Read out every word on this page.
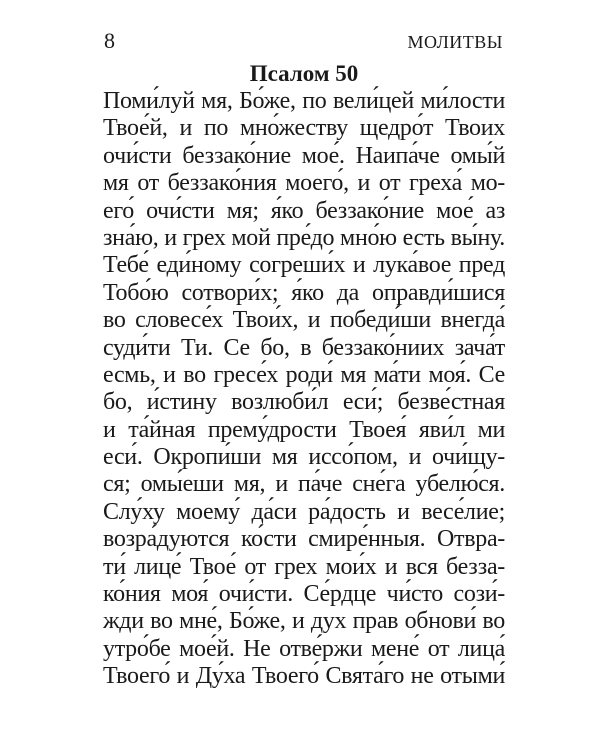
8	МОЛИТВЫ
Псалом 50
Поми́луй мя, Бо́же, по вели́цей ми́лости
Твое́й, и по мно́жеству щедро́т Твоих
очи́сти беззако́ние мое́. Наипа́че омы́й
мя от беззако́ния моего́, и от греха́ мо-
его́ очи́сти мя; я́ко беззако́ние мое́ аз
зна́ю, и грех мой пре́до мно́ю есть вы́ну.
Тебе́ еди́ному согреши́х и лука́вое пред
Тобо́ю сотвори́х; я́ко да оправди́шися
во словесе́х Твои́х, и победи́ши внегда́
суди́ти Ти. Се бо, в беззако́ниих зача́т
есмь, и во гресе́х роди́ мя ма́ти моя́. Се
бо, и́стину возлюби́л еси́; безве́стная
и та́йная прему́дрости Твоея́ яви́л ми
еси́. Окропи́ши мя иссо́пом, и очи́щу-
ся; омы́еши мя, и па́че сне́га убелю́ся.
Слу́ху моему́ да́си ра́дость и весе́лие;
возра́дуются ко́сти смире́нныя. Отвра-
ти́ лице́ Твое́ от грех мои́х и вся безза-
ко́ния моя́ очи́сти. Се́рдце чи́сто сози́-
жди во мне́, Бо́же, и дух прав обнови́ во
утро́бе мое́й. Не отве́ржи мене́ от лица́
Твоего́ и Ду́ха Твоего́ Свята́го не отыми́
